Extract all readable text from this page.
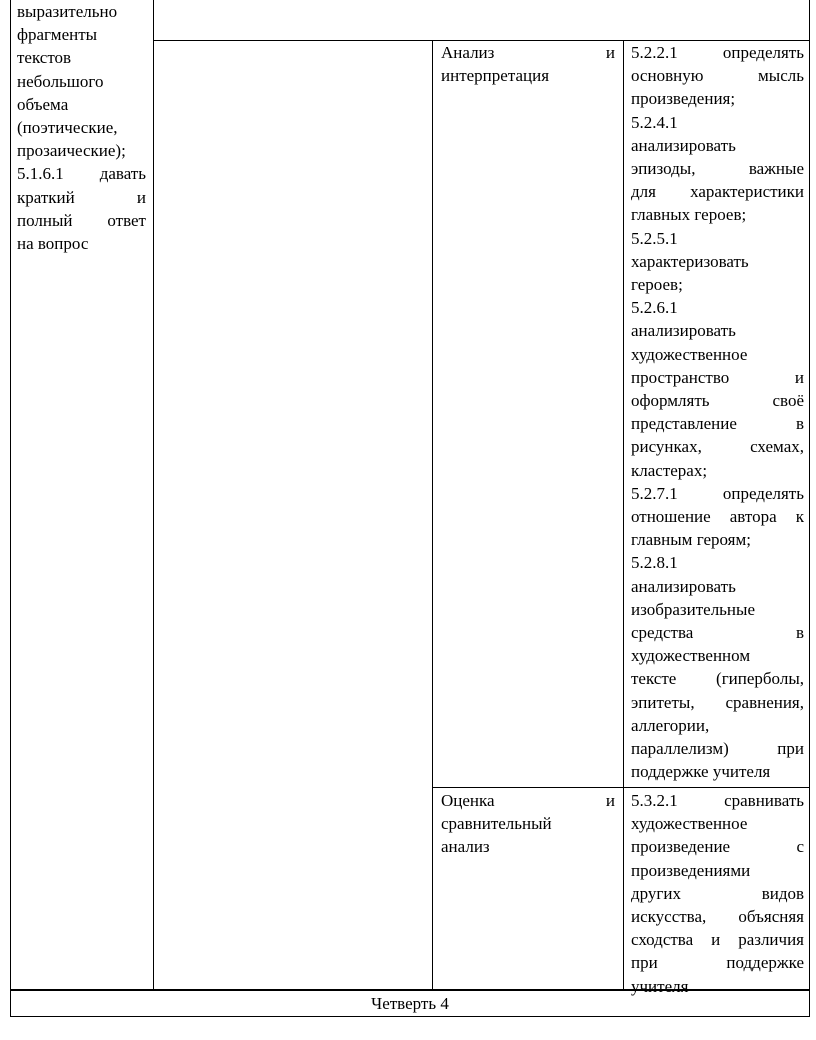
выразительно
фрагменты
текстов
небольшого
объема
(поэтические,
прозаические);
5.1.6.1 давать
краткий и
полный ответ
на вопрос
Анализ и
интерпретация
5.2.2.1 определять
основную мысль
произведения;
5.2.4.1
анализировать
эпизоды, важные
для характеристики
главных героев;
5.2.5.1
характеризовать
героев;
5.2.6.1
анализировать
художественное
пространство и
оформлять своё
представление в
рисунках, схемах,
кластерах;
5.2.7.1 определять
отношение автора к
главным героям;
5.2.8.1
анализировать
изобразительные
средства в
художественном
тексте (гиперболы,
эпитеты, сравнения,
аллегории,
параллелизм) при
поддержке учителя
Оценка и
сравнительный
анализ
5.3.2.1 сравнивать
художественное
произведение с
произведениями
других видов
искусства, объясняя
сходства и различия
при поддержке
учителя
Четверть 4
